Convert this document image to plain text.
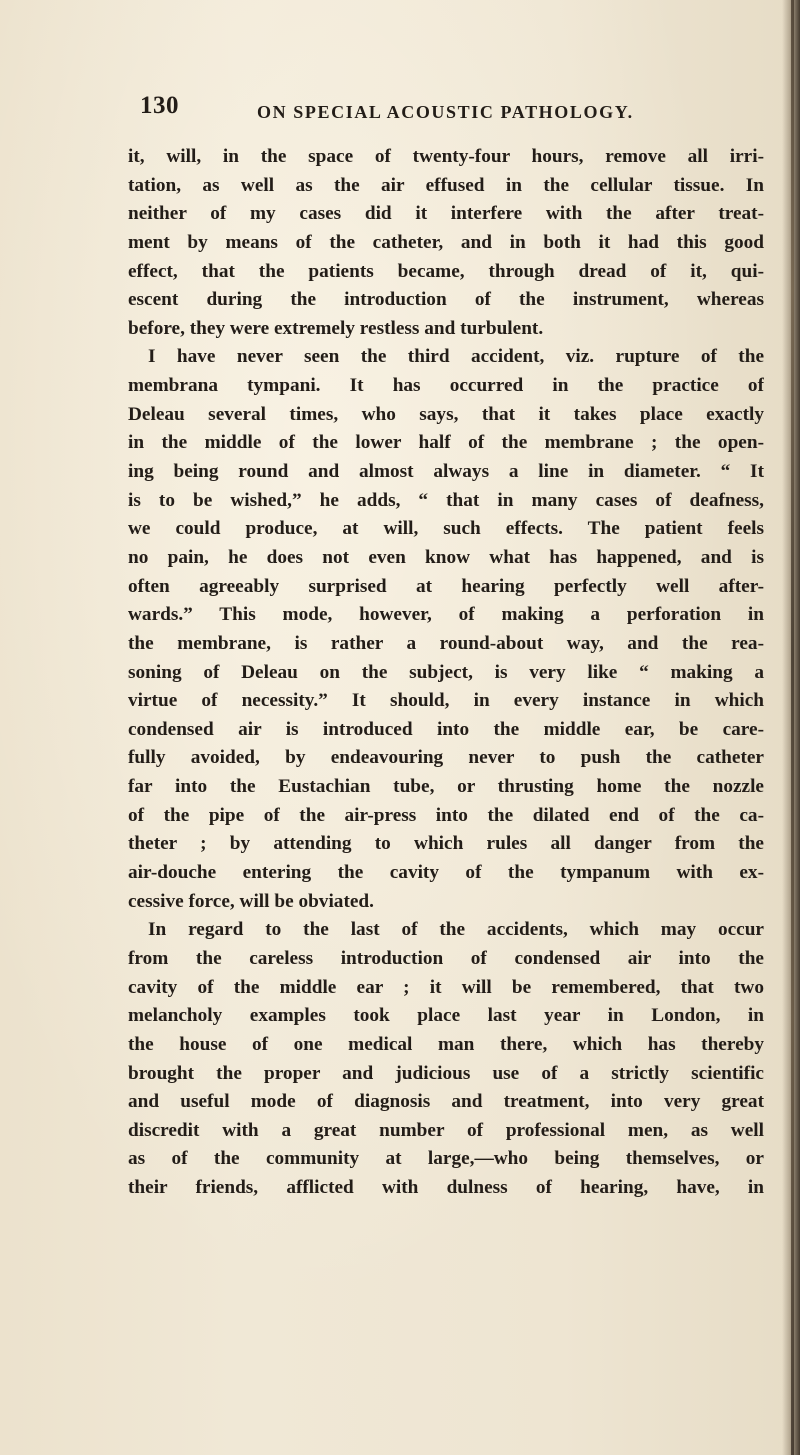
130	ON SPECIAL ACOUSTIC PATHOLOGY.
it, will, in the space of twenty-four hours, remove all irri-
tation, as well as the air effused in the cellular tissue. In
neither of my cases did it interfere with the after treat-
ment by means of the catheter, and in both it had this good
effect, that the patients became, through dread of it, qui-
escent during the introduction of the instrument, whereas
before, they were extremely restless and turbulent.
I have never seen the third accident, viz. rupture of the
membrana tympani. It has occurred in the practice of
Deleau several times, who says, that it takes place exactly
in the middle of the lower half of the membrane ; the open-
ing being round and almost always a line in diameter. “ It
is to be wished,” he adds, “ that in many cases of deafness,
we could produce, at will, such effects. The patient feels
no pain, he does not even know what has happened, and is
often agreeably surprised at hearing perfectly well after-
wards.” This mode, however, of making a perforation in
the membrane, is rather a round-about way, and the rea-
soning of Deleau on the subject, is very like “ making a
virtue of necessity.” It should, in every instance in which
condensed air is introduced into the middle ear, be care-
fully avoided, by endeavouring never to push the catheter
far into the Eustachian tube, or thrusting home the nozzle
of the pipe of the air-press into the dilated end of the ca-
theter ; by attending to which rules all danger from the
air-douche entering the cavity of the tympanum with ex-
cessive force, will be obviated.
In regard to the last of the accidents, which may occur
from the careless introduction of condensed air into the
cavity of the middle ear ; it will be remembered, that two
melancholy examples took place last year in London, in
the house of one medical man there, which has thereby
brought the proper and judicious use of a strictly scientific
and useful mode of diagnosis and treatment, into very great
discredit with a great number of professional men, as well
as of the community at large,—who being themselves, or
their friends, afflicted with dulness of hearing, have, in
